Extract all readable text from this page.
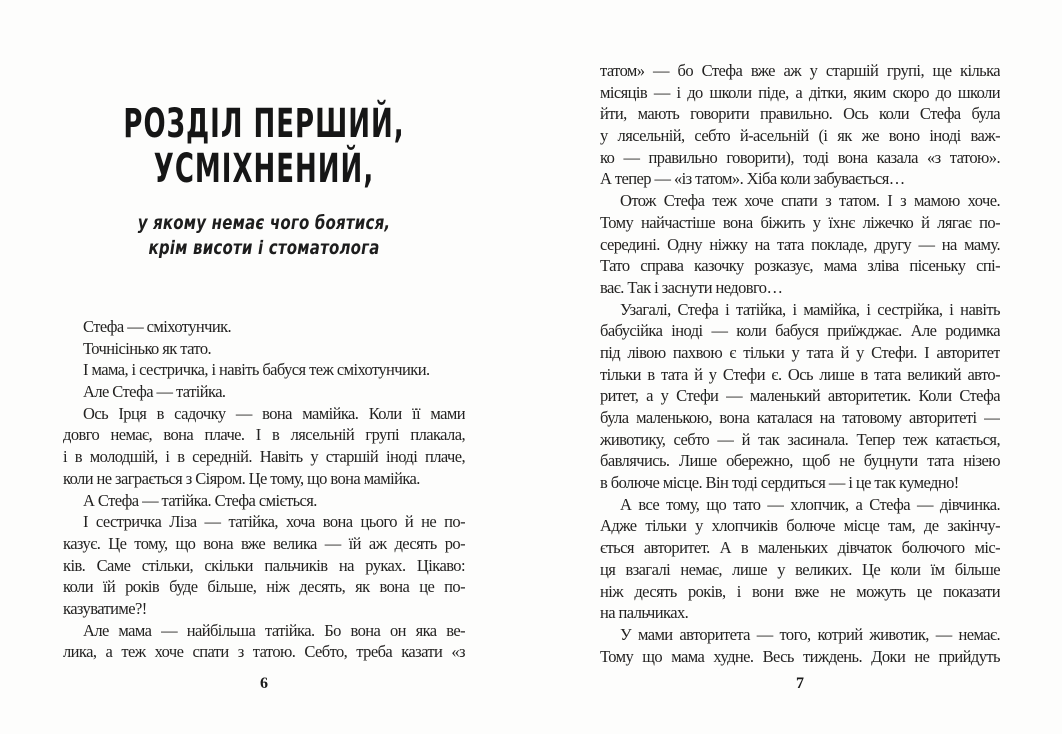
РОЗДІЛ ПЕРШИЙ,
УСМІХНЕНИЙ,
у якому немає чого боятися,
крім висоти і стоматолога
Стефа — сміхотунчик.
Точнісінько як тато.
І мама, і сестричка, і навіть бабуся теж сміхотунчики.
Але Стефа — татійка.
Ось Ірця в садочку — вона мамійка. Коли її мами
довго немає, вона плаче. І в лясельній групі плакала,
і в молодшій, і в середній. Навіть у старшій іноді плаче,
коли не заграється з Сіяром. Це тому, що вона мамійка.
А Стефа — татійка. Стефа сміється.
І сестричка Ліза — татійка, хоча вона цього й не по-
казує. Це тому, що вона вже велика — їй аж десять ро-
ків. Саме стільки, скільки пальчиків на руках. Цікаво:
коли їй років буде більше, ніж десять, як вона це по-
казуватиме?!
Але мама — найбільша татійка. Бо вона он яка ве-
лика, а теж хоче спати з татою. Себто, треба казати «з
6
татом» — бо Стефа вже аж у старшій групі, ще кілька
місяців — і до школи піде, а дітки, яким скоро до школи
йти, мають говорити правильно. Ось коли Стефа була
у лясельній, себто й-асельній (і як же воно іноді важ-
ко — правильно говорити), тоді вона казала «з татою».
А тепер — «із татом». Хіба коли забувається…
Отож Стефа теж хоче спати з татом. І з мамою хоче.
Тому найчастіше вона біжить у їхнє ліжечко й лягає по-
середині. Одну ніжку на тата покладе, другу — на маму.
Тато справа казочку розказує, мама зліва пісеньку спі-
ває. Так і заснути недовго…
Узагалі, Стефа і татійка, і мамійка, і сестрійка, і навіть
бабусійка іноді — коли бабуся приїжджає. Але родимка
під лівою пахвою є тільки у тата й у Стефи. І авторитет
тільки в тата й у Стефи є. Ось лише в тата великий авто-
ритет, а у Стефи — маленький авторитетик. Коли Стефа
була маленькою, вона каталася на татовому авторитеті —
животику, себто — й так засинала. Тепер теж катається,
бавлячись. Лише обережно, щоб не буцнути тата нізею
в болюче місце. Він тоді сердиться — і це так кумедно!
А все тому, що тато — хлопчик, а Стефа — дівчинка.
Адже тільки у хлопчиків болюче місце там, де закінчу-
ється авторитет. А в маленьких дівчаток болючого міс-
ця взагалі немає, лише у великих. Це коли їм більше
ніж десять років, і вони вже не можуть це показати
на пальчиках.
У мами авторитета — того, котрий животик, — немає.
Тому що мама худне. Весь тиждень. Доки не прийдуть
7
